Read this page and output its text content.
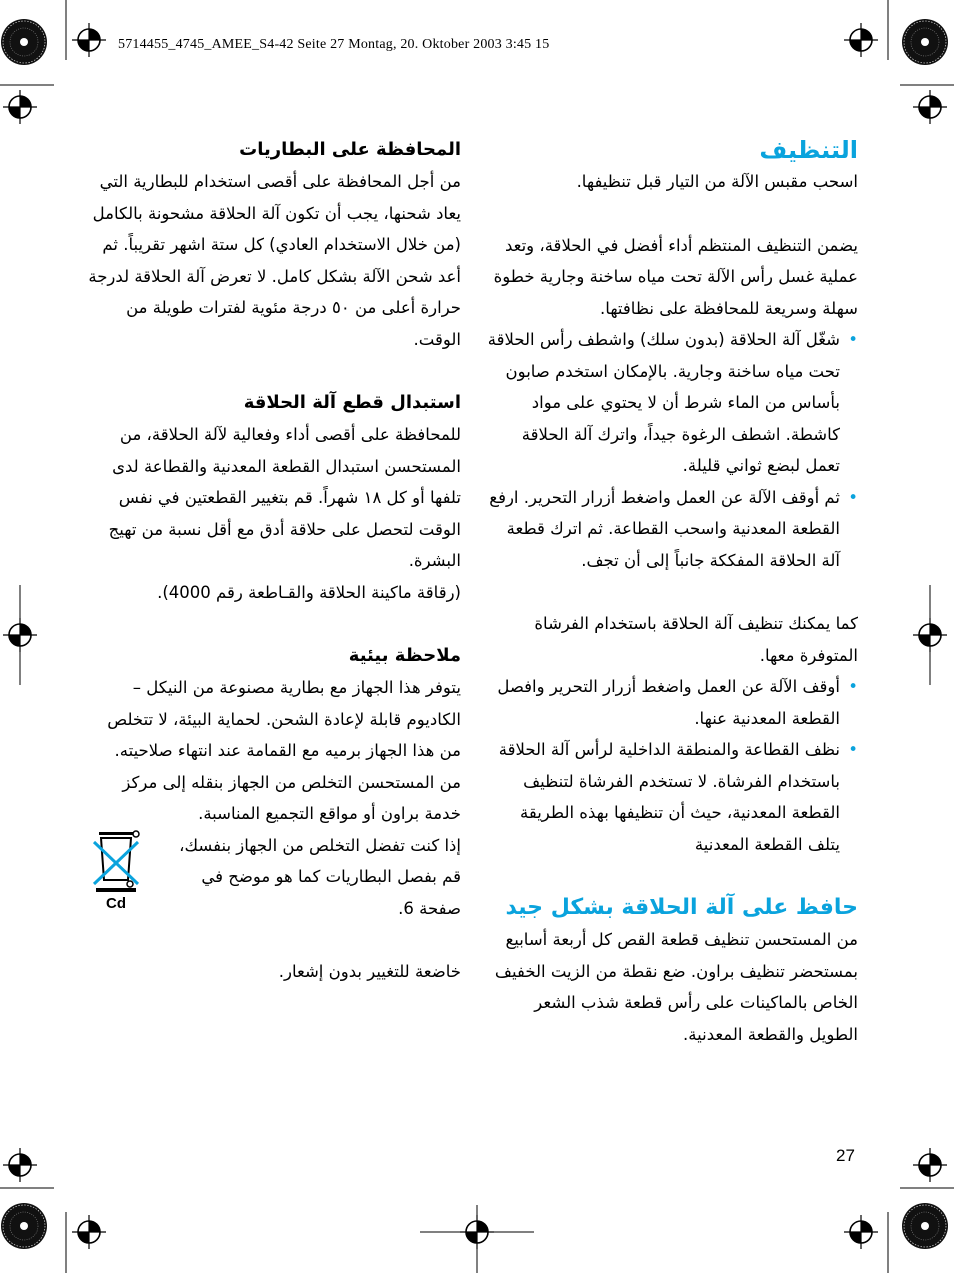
5714455_4745_AMEE_S4-42 Seite 27 Montag, 20. Oktober 2003 3:45 15
التنظيف

اسحب مقبس الآلة من التيار قبل تنظيفها.

يضمن التنظيف المنتظم أداء أفضل في الحلاقة، وتعد عملية غسل رأس الآلة تحت مياه ساخنة وجارية خطوة سهلة وسريعة للمحافظة على نظافتها.

•
شغّل آلة الحلاقة (بدون سلك) واشطف رأس الحلاقة تحت مياه ساخنة وجارية. بالإمكان استخدم صابون بأساس من الماء شرط أن لا يحتوي على مواد كاشطة. اشطف الرغوة جيداً، واترك آلة الحلاقة تعمل لبضع ثواني قليلة.
•
ثم أوقف الآلة عن العمل واضغط أزرار التحرير. ارفع القطعة المعدنية واسحب القطاعة. ثم اترك قطعة آلة الحلاقة المفككة جانباً إلى أن تجف.

كما يمكنك تنظيف آلة الحلاقة باستخدام الفرشاة المتوفرة معها.

•
أوقف الآلة عن العمل واضغط أزرار التحرير وافصل القطعة المعدنية عنها.
•
نظف القطاعة والمنطقة الداخلية لرأس آلة الحلاقة باستخدام الفرشاة. لا تستخدم الفرشاة لتنظيف القطعة المعدنية، حيث أن تنظيفها بهذه الطريقة يتلف القطعة المعدنية
حافظ على آلة الحلاقة بشكل جيد

من المستحسن تنظيف قطعة القص كل أربعة أسابيع بمستحضر تنظيف براون. ضع نقطة من الزيت الخفيف الخاص بالماكينات على رأس قطعة شذب الشعر الطويل والقطعة المعدنية.

المحافظة على البطاريات

من أجل المحافظة على أقصى استخدام للبطارية التي يعاد شحنها، يجب أن تكون آلة الحلاقة مشحونة بالكامل (من خلال الاستخدام العادي) كل ستة اشهر تقريباً. ثم أعد شحن الآلة بشكل كامل. لا تعرض آلة الحلاقة لدرجة حرارة أعلى من ٥٠ درجة مئوية لفترات طويلة من الوقت.

استبدال قطع آلة الحلاقة

للمحافظة على أقصى أداء وفعالية لآلة الحلاقة، من المستحسن استبدال القطعة المعدنية والقطاعة لدى تلفها أو كل ١٨ شهراً. قم بتغيير القطعتين في نفس الوقت لتحصل على حلاقة أدق مع أقل نسبة من تهيج البشرة.

(رقاقة ماكينة الحلاقة والقـاطعة رقم 4000).

ملاحظة بيئية

يتوفر هذا الجهاز مع بطارية مصنوعة من النيكل – الكاديوم قابلة لإعادة الشحن. لحماية البيئة، لا تتخلص من هذا الجهاز برميه مع القمامة عند انتهاء صلاحيته. من المستحسن التخلص من الجهاز بنقله إلى مركز خدمة براون أو مواقع التجميع المناسبة.

إذا كنت تفضل التخلص من الجهاز بنفسك، قم بفصل البطاريات كما هو موضح في صفحة 6.

خاضعة للتغيير بدون إشعار.

Cd
27
